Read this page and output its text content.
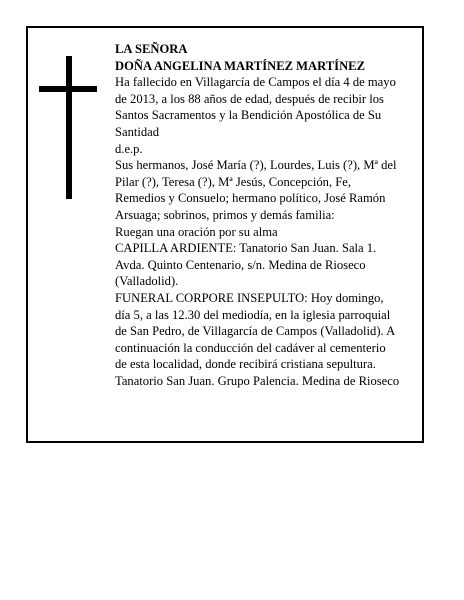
LA SEÑORA
DOÑA ANGELINA MARTÍNEZ MARTÍNEZ
Ha fallecido en Villagarcía de Campos el día 4 de mayo
de 2013, a los 88 años de edad, después de recibir los
Santos Sacramentos y la Bendición Apostólica de Su
Santidad
d.e.p.
Sus hermanos, José María (?), Lourdes, Luis (?), Mª del
Pilar (?), Teresa (?), Mª Jesús, Concepción, Fe,
Remedios y Consuelo; hermano político, José Ramón
Arsuaga; sobrinos, primos y demás familia:
Ruegan una oración por su alma
CAPILLA ARDIENTE: Tanatorio San Juan. Sala 1.
Avda. Quinto Centenario, s/n. Medina de Rioseco
(Valladolid).
FUNERAL CORPORE INSEPULTO: Hoy domingo,
día 5, a las 12.30 del mediodía, en la iglesia parroquial
de San Pedro, de Villagarcía de Campos (Valladolid). A
continuación la conducción del cadáver al cementerio
de esta localidad, donde recibirá cristiana sepultura.
Tanatorio San Juan. Grupo Palencia. Medina de Rioseco
